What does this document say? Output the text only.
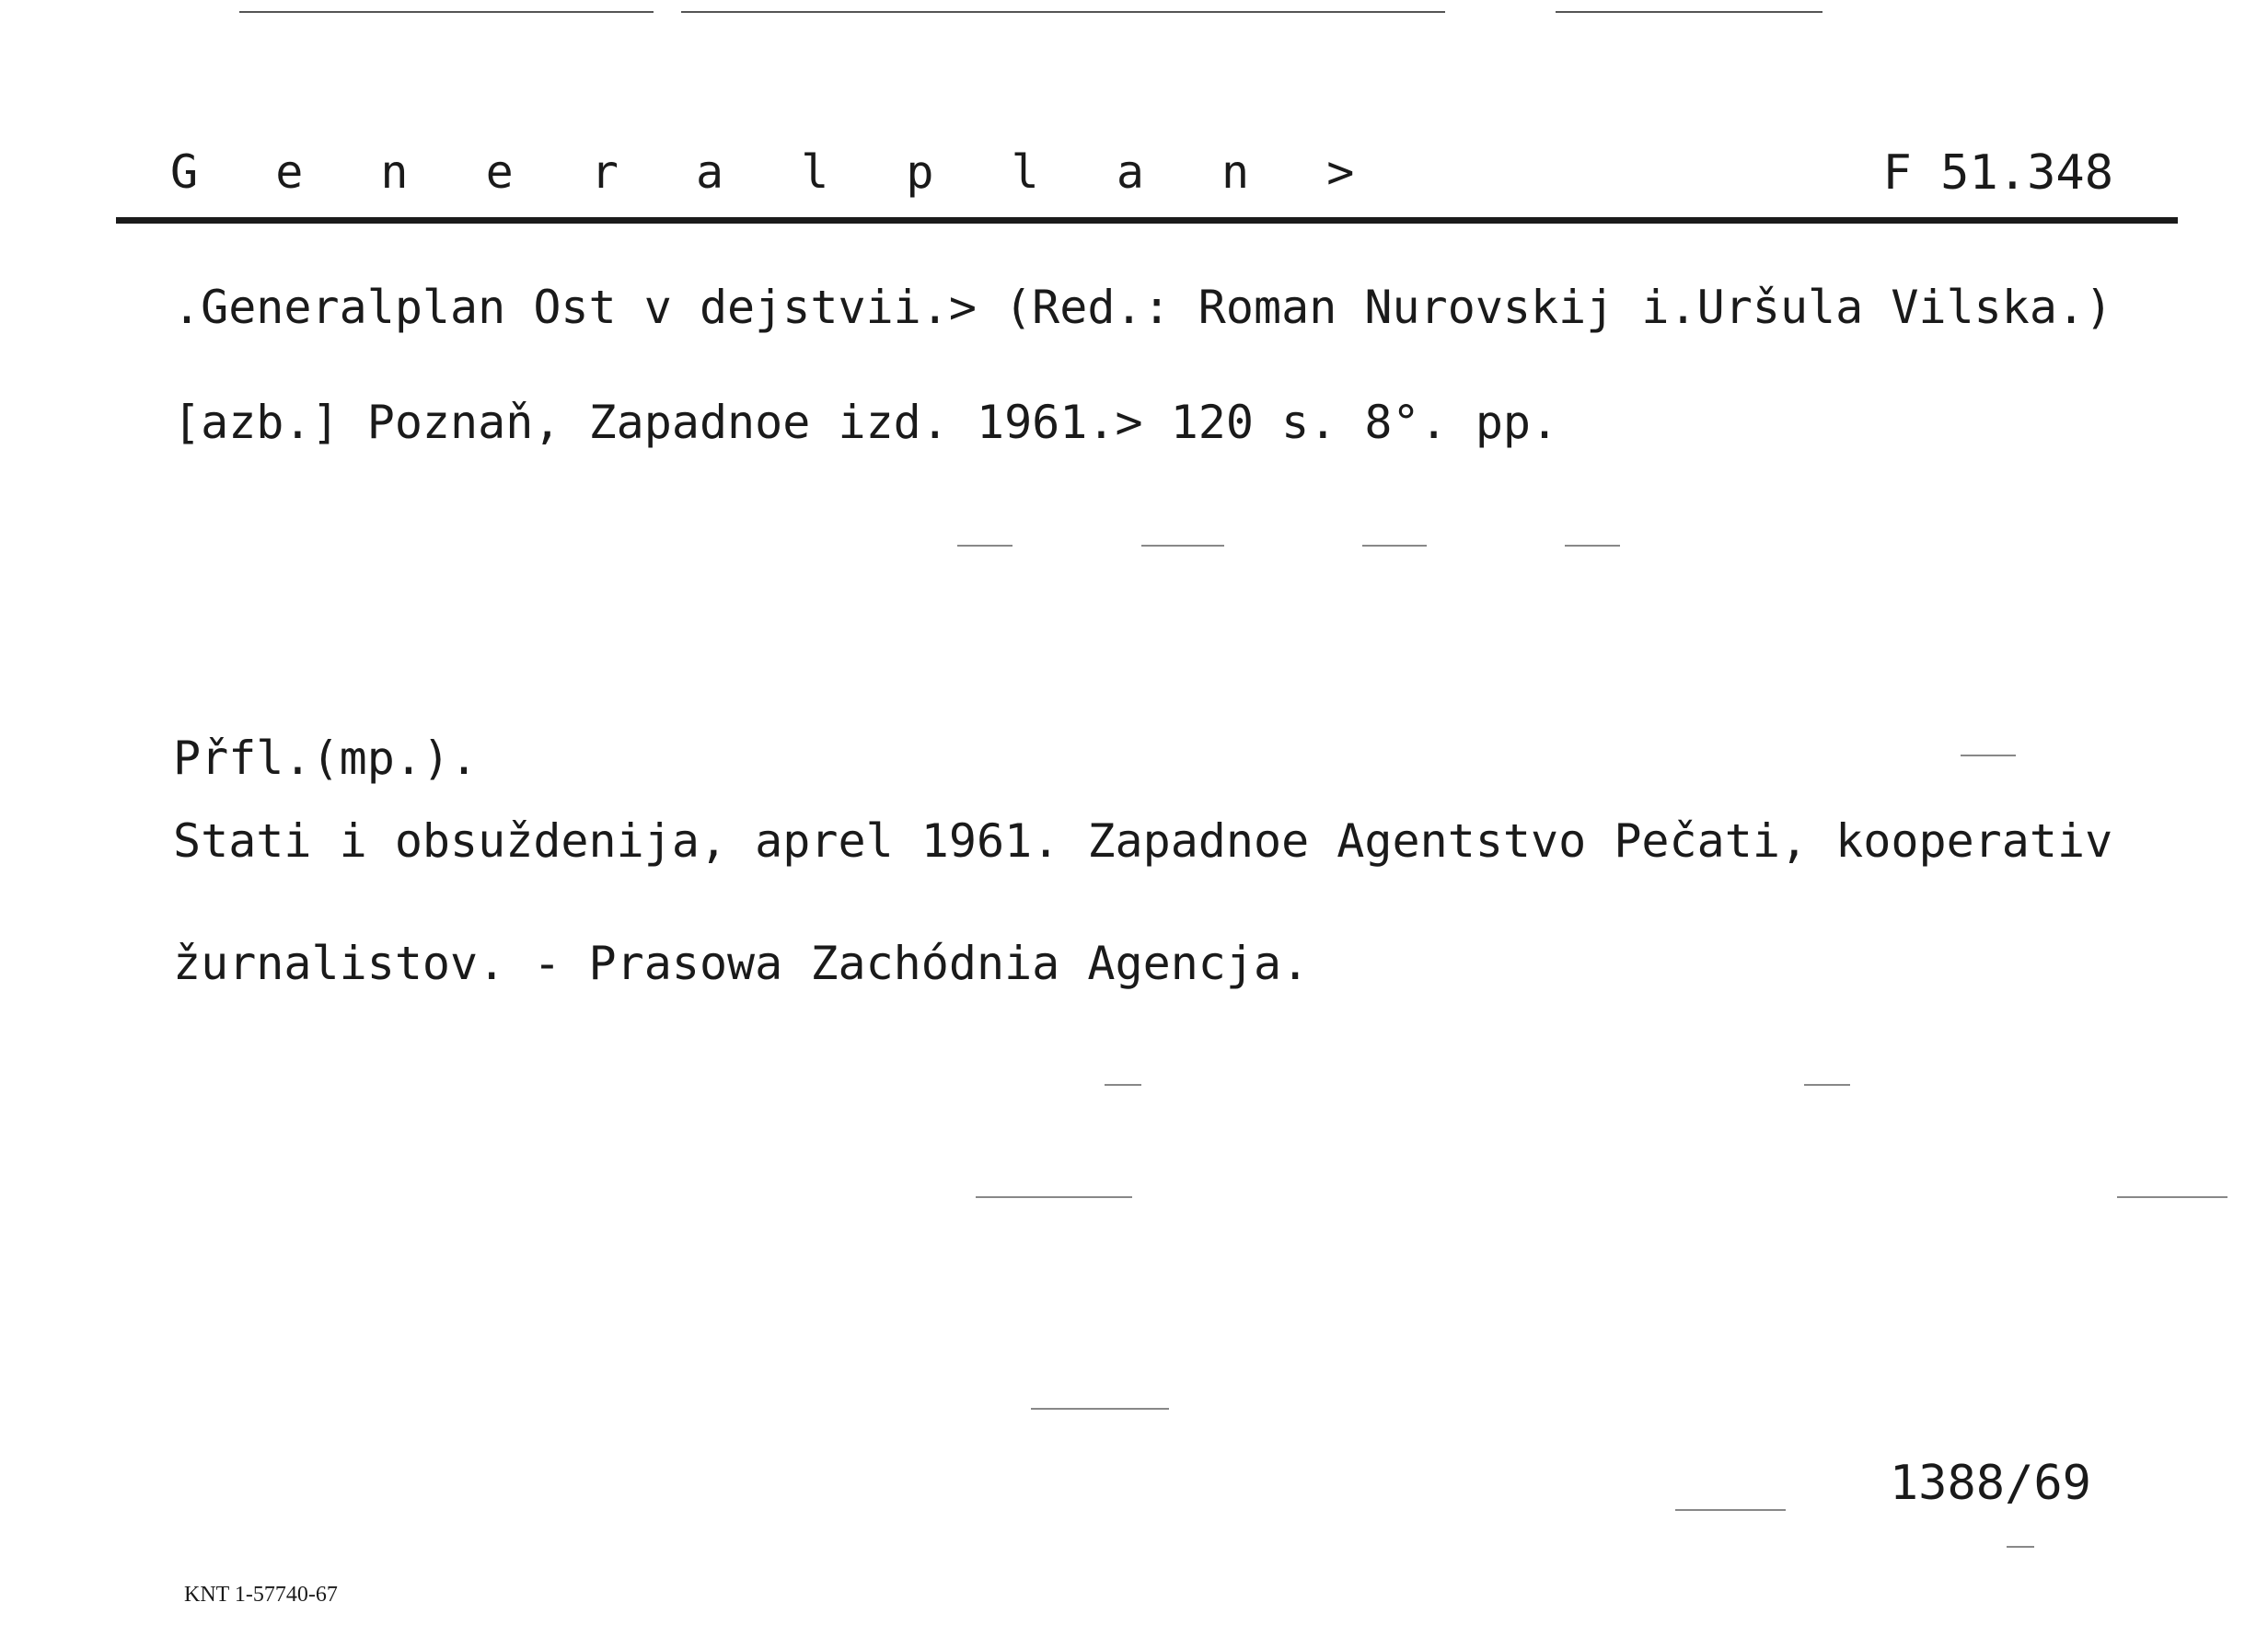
G e n e r a l p l a n >	F 51.348
.Generalplan Ost v dejstvii.> (Red.: Roman Nurovskij i.Uršula Vilska.)
[azb.] Poznaň, Zapadnoe izd. 1961.> 120 s. 8°. pp.
Přfl.(mp.).
Stati i obsuždenija, aprel 1961. Zapadnoe Agentstvo Pečati, kooperativ
žurnalistov. - Prasowa Zachódnia Agencja.
1388/69
KNT 1-57740-67
